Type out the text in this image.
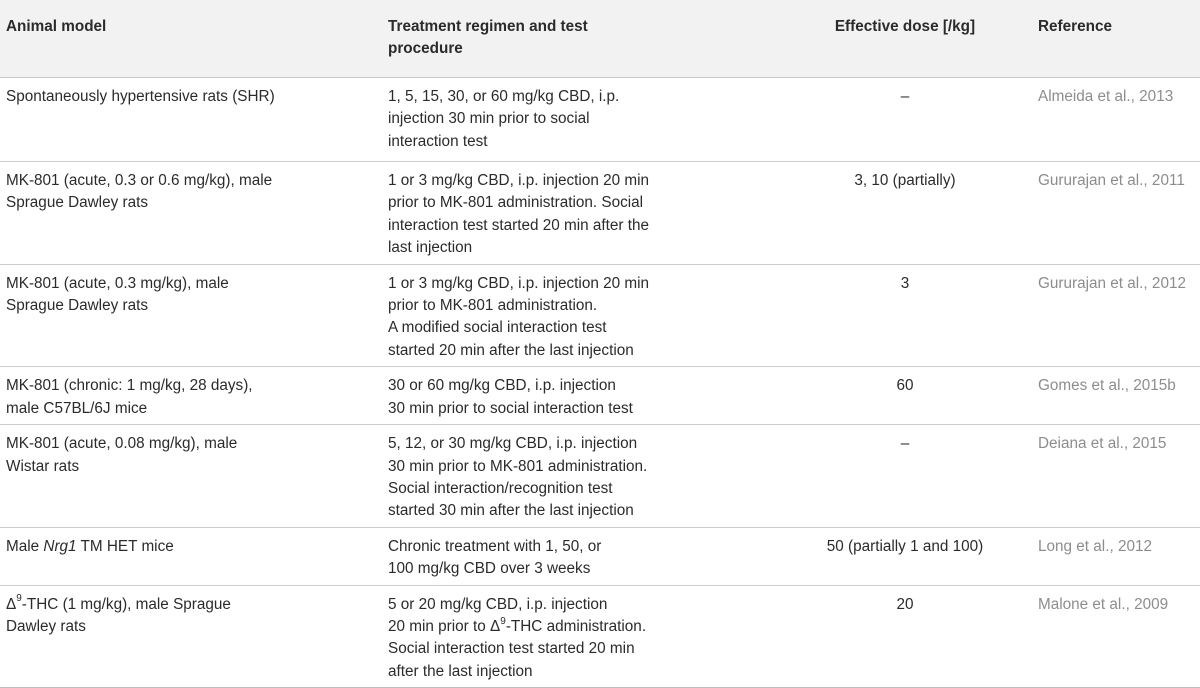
Animal model	Treatment regimen and test
procedure	Effective dose [/kg]	Reference

Spontaneously hypertensive rats (SHR)	1, 5, 15, 30, or 60 mg/kg CBD, i.p.
injection 30 min prior to social
interaction test	–	Almeida et al., 2013

MK-801 (acute, 0.3 or 0.6 mg/kg), male
Sprague Dawley rats	1 or 3 mg/kg CBD, i.p. injection 20 min
prior to MK-801 administration. Social
interaction test started 20 min after the
last injection	3, 10 (partially)	Gururajan et al., 2011

MK-801 (acute, 0.3 mg/kg), male
Sprague Dawley rats	1 or 3 mg/kg CBD, i.p. injection 20 min
prior to MK-801 administration.
A modified social interaction test
started 20 min after the last injection	3	Gururajan et al., 2012

MK-801 (chronic: 1 mg/kg, 28 days),
male C57BL/6J mice	30 or 60 mg/kg CBD, i.p. injection
30 min prior to social interaction test	60	Gomes et al., 2015b

MK-801 (acute, 0.08 mg/kg), male
Wistar rats	5, 12, or 30 mg/kg CBD, i.p. injection
30 min prior to MK-801 administration.
Social interaction/recognition test
started 30 min after the last injection	–	Deiana et al., 2015

Male Nrg1 TM HET mice	Chronic treatment with 1, 50, or
100 mg/kg CBD over 3 weeks	50 (partially 1 and 100)	Long et al., 2012

$\Delta^9$-THC (1 mg/kg), male Sprague
Dawley rats	5 or 20 mg/kg CBD, i.p. injection
20 min prior to $\Delta^9$-THC administration.
Social interaction test started 20 min
after the last injection	20	Malone et al., 2009
